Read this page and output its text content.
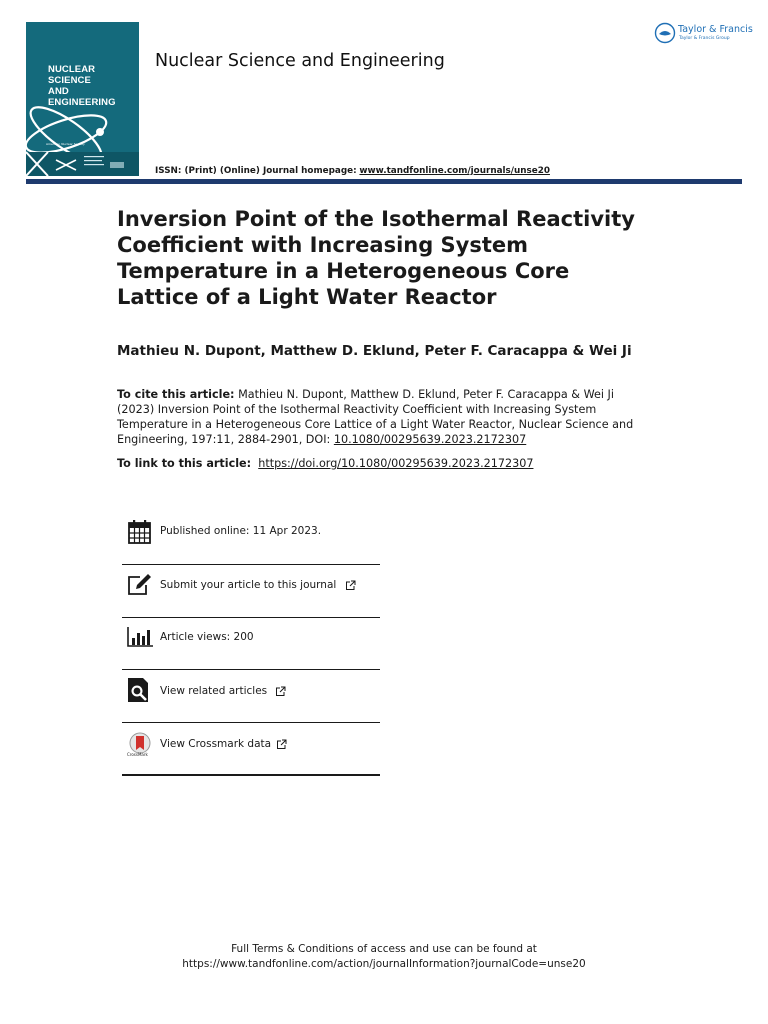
NUCLEAR SCIENCE
AND ENGINEERING
American Nuclear Society
Nuclear Science and Engineering
Taylor & Francis
Taylor & Francis Group
ISSN: (Print) (Online) Journal homepage: www.tandfonline.com/journals/unse20
Inversion Point of the Isothermal Reactivity Coefficient with Increasing System Temperature in a Heterogeneous Core Lattice of a Light Water Reactor
Mathieu N. Dupont, Matthew D. Eklund, Peter F. Caracappa & Wei Ji
To cite this article: Mathieu N. Dupont, Matthew D. Eklund, Peter F. Caracappa & Wei Ji (2023) Inversion Point of the Isothermal Reactivity Coefficient with Increasing System Temperature in a Heterogeneous Core Lattice of a Light Water Reactor, Nuclear Science and Engineering, 197:11, 2884-2901, DOI: 10.1080/00295639.2023.2172307
To link to this article: https://doi.org/10.1080/00295639.2023.2172307
Published online: 11 Apr 2023.
Submit your article to this journal
Article views: 200
View related articles
CrossMark
View Crossmark data
Full Terms & Conditions of access and use can be found at
https://www.tandfonline.com/action/journalInformation?journalCode=unse20
